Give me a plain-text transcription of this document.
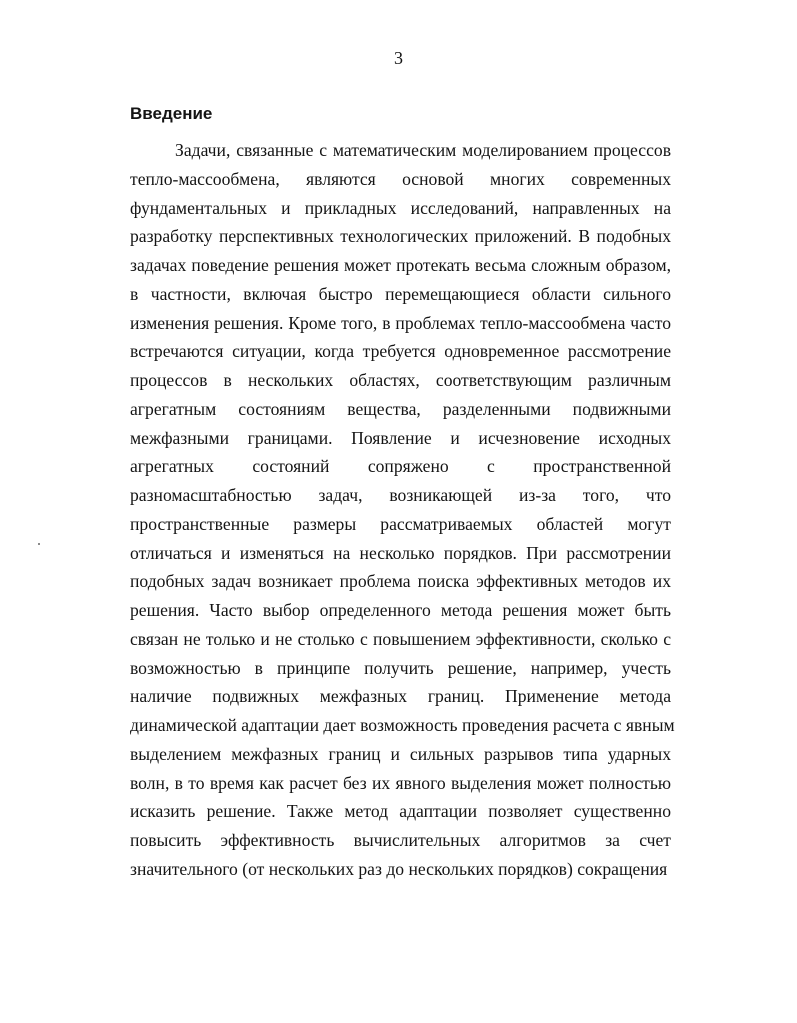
3
Введение
Задачи, связанные с математическим моделированием процессов
тепло-массообмена, являются основой многих современных
фундаментальных и прикладных исследований, направленных на
разработку перспективных технологических приложений. В подобных
задачах поведение решения может протекать весьма сложным образом,
в частности, включая быстро перемещающиеся области сильного
изменения решения. Кроме того, в проблемах тепло-массообмена часто
встречаются ситуации, когда требуется одновременное рассмотрение
процессов в нескольких областях, соответствующим различным
агрегатным состояниям вещества, разделенными подвижными
межфазными границами. Появление и исчезновение исходных
агрегатных состояний сопряжено с пространственной
разномасштабностью задач, возникающей из-за того, что
пространственные размеры рассматриваемых областей могут
отличаться и изменяться на несколько порядков. При рассмотрении
подобных задач возникает проблема поиска эффективных методов их
решения. Часто выбор определенного метода решения может быть
связан не только и не столько с повышением эффективности, сколько с
возможностью в принципе получить решение, например, учесть
наличие подвижных межфазных границ. Применение метода
динамической адаптации дает возможность проведения расчета с явным
выделением межфазных границ и сильных разрывов типа ударных
волн, в то время как расчет без их явного выделения может полностью
исказить решение. Также метод адаптации позволяет существенно
повысить эффективность вычислительных алгоритмов за счет
значительного (от нескольких раз до нескольких порядков) сокращения
